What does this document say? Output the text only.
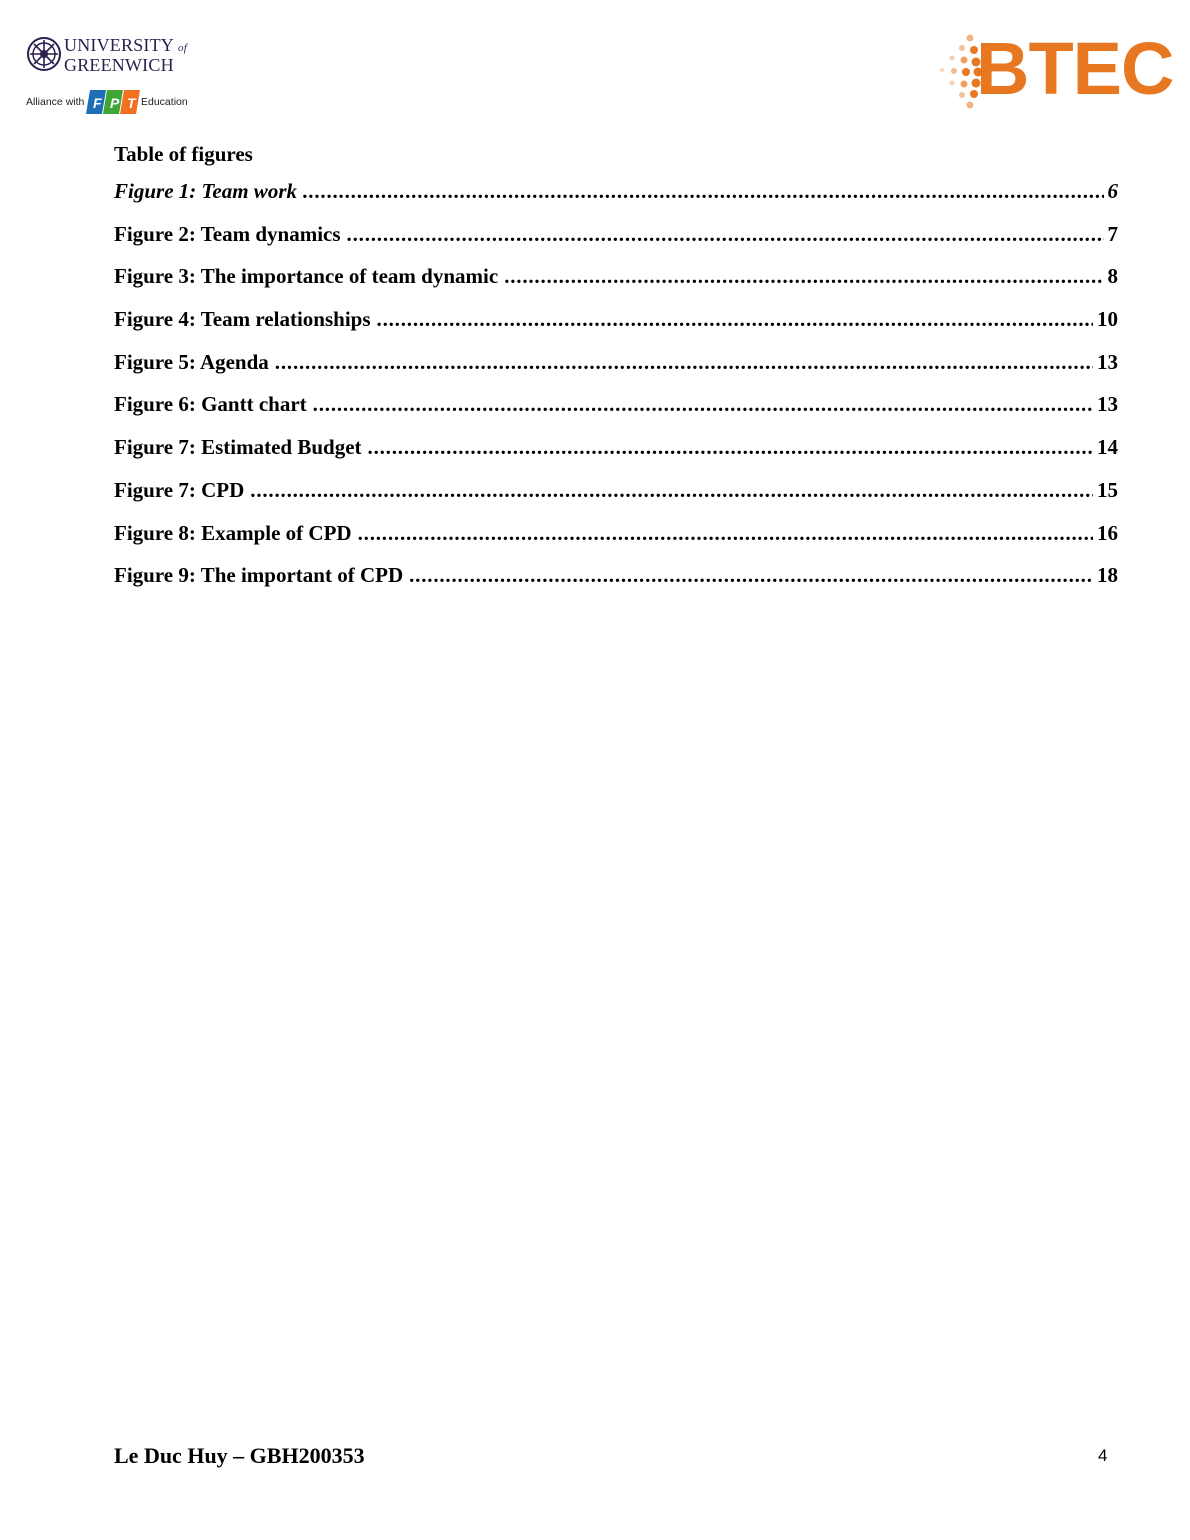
UNIVERSITY of
GREENWICH
Alliance with F P T Education	BTEC
Table of figures
Figure 1: Team work .....	6
Figure 2: Team dynamics .....	7
Figure 3: The importance of team dynamic .....	8
Figure 4: Team relationships .....	10
Figure 5: Agenda .....	13
Figure 6: Gantt chart .....	13
Figure 7: Estimated Budget .....	14
Figure 7: CPD .....	15
Figure 8: Example of CPD .....	16
Figure 9: The important of CPD .....	18
Le Duc Huy – GBH200353	4
